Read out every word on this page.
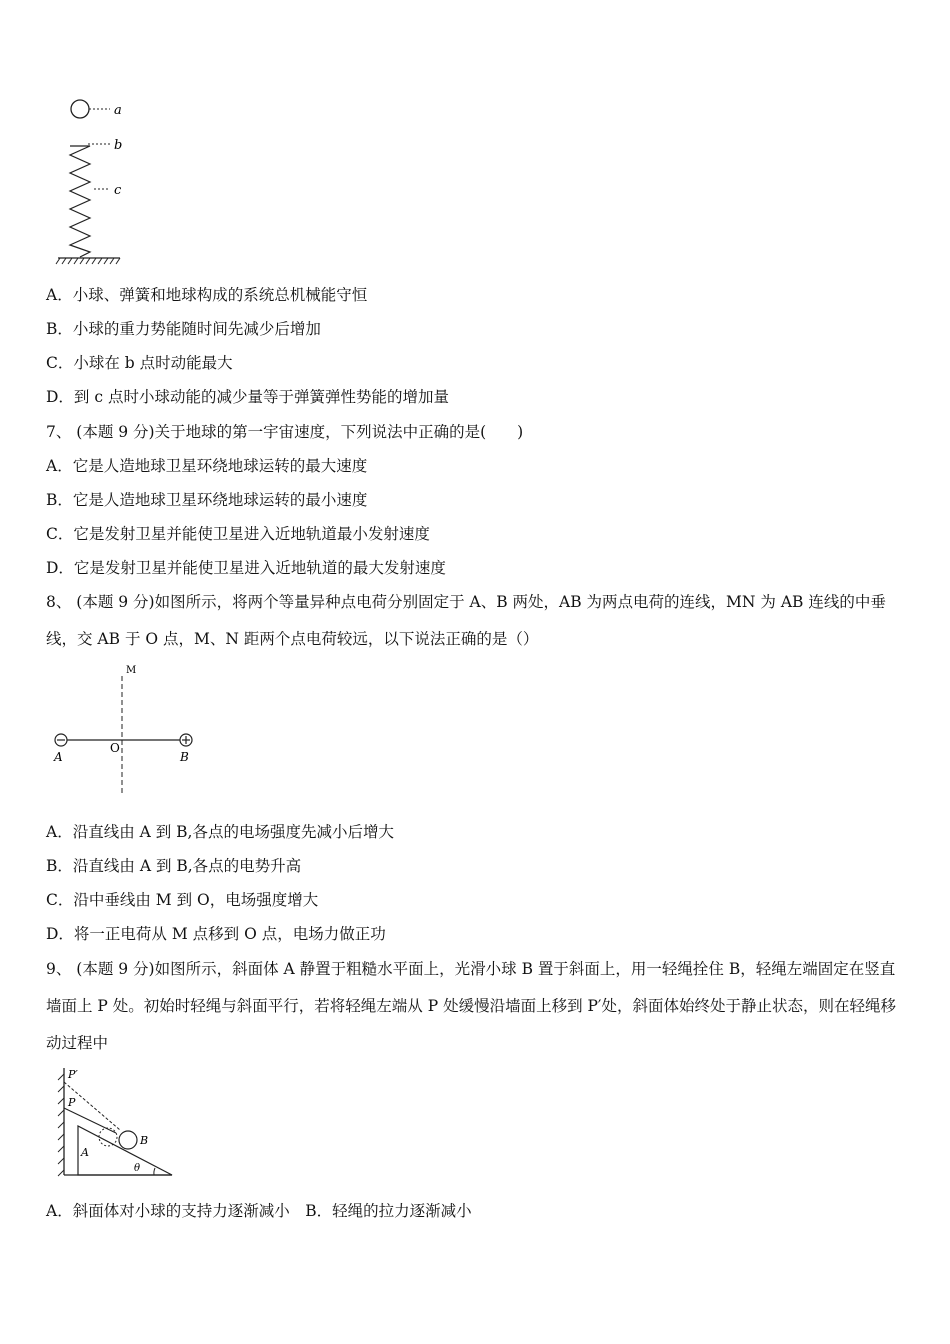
a
b
c
A．小球、弹簧和地球构成的系统总机械能守恒
B．小球的重力势能随时间先减少后增加
C．小球在 b 点时动能最大
D．到 c 点时小球动能的减少量等于弹簧弹性势能的增加量
7、 (本题 9 分)关于地球的第一宇宙速度，下列说法中正确的是(　　)
A．它是人造地球卫星环绕地球运转的最大速度
B．它是人造地球卫星环绕地球运转的最小速度
C．它是发射卫星并能使卫星进入近地轨道最小发射速度
D．它是发射卫星并能使卫星进入近地轨道的最大发射速度
8、 (本题 9 分)如图所示，将两个等量异种点电荷分别固定于 A、B 两处，AB 为两点电荷的连线，MN 为 AB 连线的中垂线，交 AB 于 O 点，M、N 距两个点电荷较远，以下说法正确的是（）
M
O
A	B
A．沿直线由 A 到 B,各点的电场强度先减小后增大
B．沿直线由 A 到 B,各点的电势升高
C．沿中垂线由 M 到 O，电场强度增大
D．将一正电荷从 M 点移到 O 点，电场力做正功
9、 (本题 9 分)如图所示，斜面体 A 静置于粗糙水平面上，光滑小球 B 置于斜面上，用一轻绳拴住 B，轻绳左端固定在竖直墙面上 P 处。初始时轻绳与斜面平行，若将轻绳左端从 P 处缓慢沿墙面上移到 P′处，斜面体始终处于静止状态，则在轻绳移动过程中
P′
P
B
A
θ
A．斜面体对小球的支持力逐渐减小　B．轻绳的拉力逐渐减小
